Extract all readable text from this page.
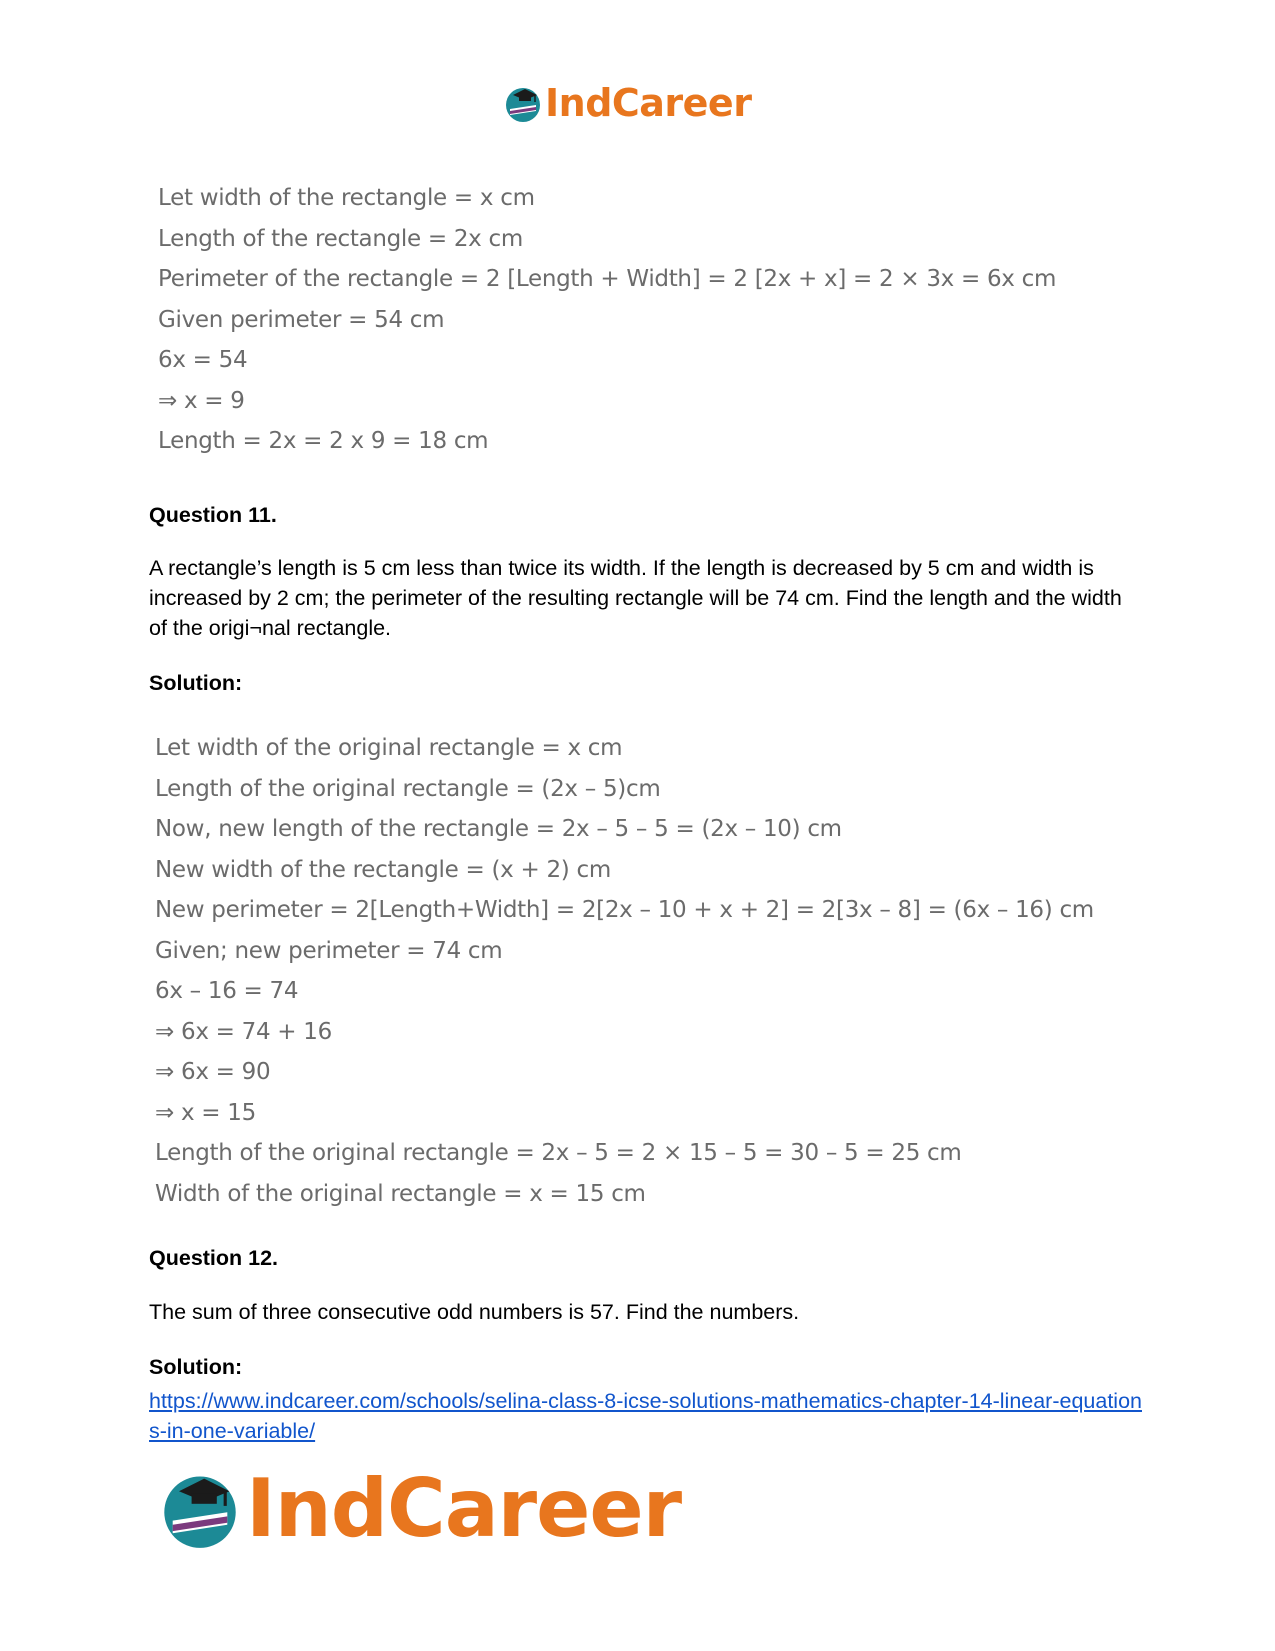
IndCareer
Let width of the rectangle = x cm
Length of the rectangle = 2x cm
Perimeter of the rectangle = 2 [Length + Width] = 2 [2x + x] = 2 × 3x = 6x cm
Given perimeter = 54 cm
6x = 54
⇒ x = 9
Length = 2x = 2 x 9 = 18 cm
Question 11.
A rectangle’s length is 5 cm less than twice its width. If the length is decreased by 5 cm and width is increased by 2 cm; the perimeter of the resulting rectangle will be 74 cm. Find the length and the width of the origi¬nal rectangle.
Solution:
Let width of the original rectangle = x cm
Length of the original rectangle = (2x – 5)cm
Now, new length of the rectangle = 2x – 5 – 5 = (2x – 10) cm
New width of the rectangle = (x + 2) cm
New perimeter = 2[Length+Width] = 2[2x – 10 + x + 2] = 2[3x – 8] = (6x – 16) cm
Given; new perimeter = 74 cm
6x – 16 = 74
⇒ 6x = 74 + 16
⇒ 6x = 90
⇒ x = 15
Length of the original rectangle = 2x – 5 = 2 × 15 – 5 = 30 – 5 = 25 cm
Width of the original rectangle = x = 15 cm
Question 12.
The sum of three consecutive odd numbers is 57. Find the numbers.
Solution:
https://www.indcareer.com/schools/selina-class-8-icse-solutions-mathematics-chapter-14-linear-equations-in-one-variable/
IndCareer
